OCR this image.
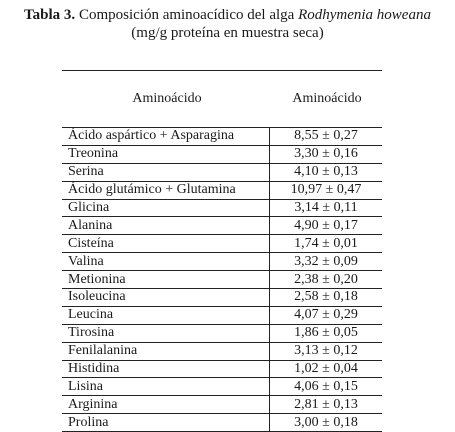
Tabla 3. Composición aminoacídico del alga Rodhymenia howeana
(mg/g proteína en muestra seca)
Aminoácido	Aminoácido
Ácido aspártico + Asparagina	8,55 ± 0,27
Treonina	3,30 ± 0,16
Serina	4,10 ± 0,13
Ácido glutámico + Glutamina	10,97 ± 0,47
Glicina	3,14 ± 0,11
Alanina	4,90 ± 0,17
Cisteína	1,74 ± 0,01
Valina	3,32 ± 0,09
Metionina	2,38 ± 0,20
Isoleucina	2,58 ± 0,18
Leucina	4,07 ± 0,29
Tirosina	1,86 ± 0,05
Fenilalanina	3,13 ± 0,12
Histidina	1,02 ± 0,04
Lisina	4,06 ± 0,15
Arginina	2,81 ± 0,13
Prolina	3,00 ± 0,18
